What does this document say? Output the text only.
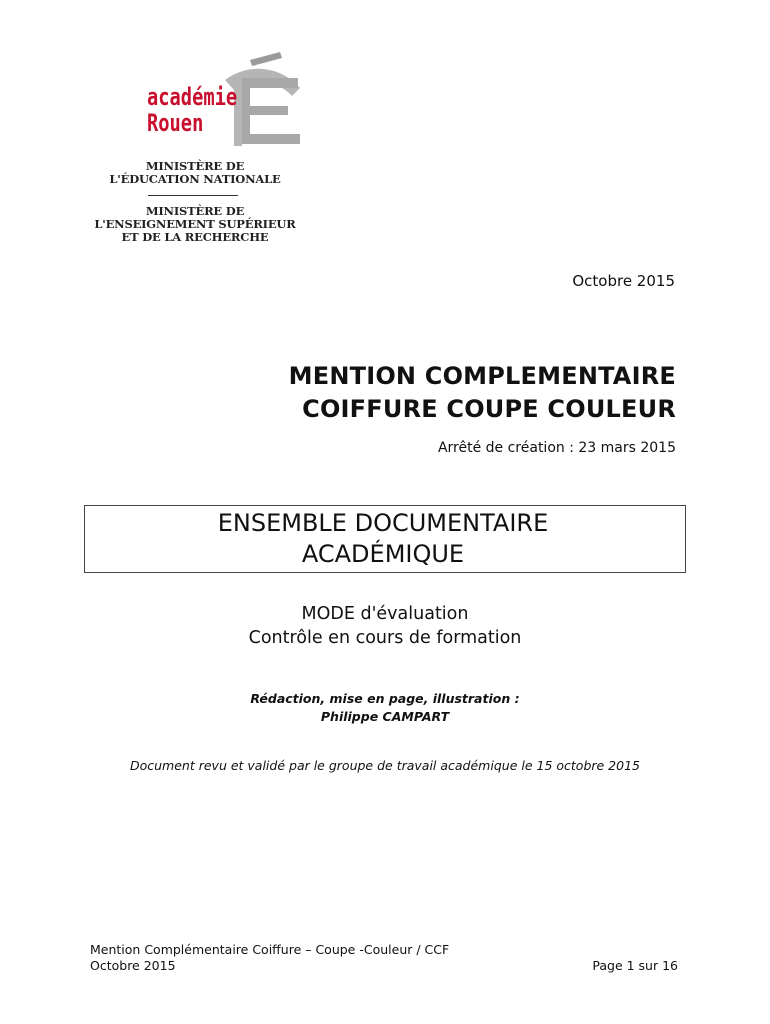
académie
Rouen
MINISTÈRE DE
L'ÉDUCATION NATIONALE
MINISTÈRE DE
L'ENSEIGNEMENT SUPÉRIEUR
ET DE LA RECHERCHE
Octobre 2015
MENTION COMPLEMENTAIRE
COIFFURE COUPE COULEUR
Arrêté de création : 23 mars 2015
ENSEMBLE DOCUMENTAIRE
ACADÉMIQUE
MODE d'évaluation
Contrôle en cours de formation
Rédaction, mise en page, illustration :
Philippe CAMPART
Document revu et validé par le groupe de travail académique le 15 octobre 2015
Mention Complémentaire Coiffure – Coupe -Couleur / CCF
Octobre 2015	Page 1 sur 16
